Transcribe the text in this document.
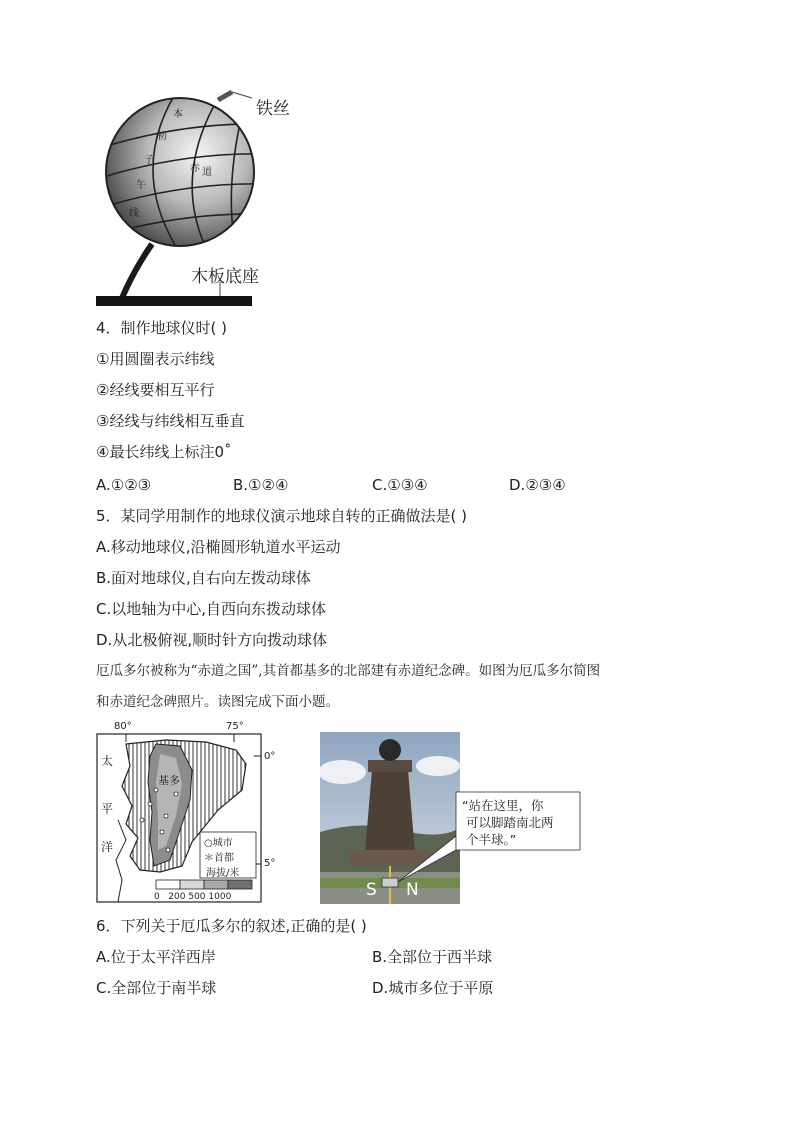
本
初
子
午
线
赤 道
铁丝
木板底座
4．制作地球仪时( )
①用圆圈表示纬线
②经线要相互平行
③经线与纬线相互垂直
④最长纬线上标注0˚
A.①②③	B.①②④	C.①③④	D.②③④
5．某同学用制作的地球仪演示地球自转的正确做法是( )
A.移动地球仪,沿椭圆形轨道水平运动
B.面对地球仪,自右向左拨动球体
C.以地轴为中心,自西向东拨动球体
D.从北极俯视,顺时针方向拨动球体
厄瓜多尔被称为“赤道之国”,其首都基多的北部建有赤道纪念碑。如图为厄瓜多尔简图
和赤道纪念碑照片。读图完成下面小题。
80°	75°
0°
5°
太
平
洋
基多
○城市
＊首都
海拔/米
0   200 500 1000
“站在这里，你
可以脚踏南北两
个半球。”
S N
6．下列关于厄瓜多尔的叙述,正确的是( )
A.位于太平洋西岸	B.全部位于西半球
C.全部位于南半球	D.城市多位于平原
